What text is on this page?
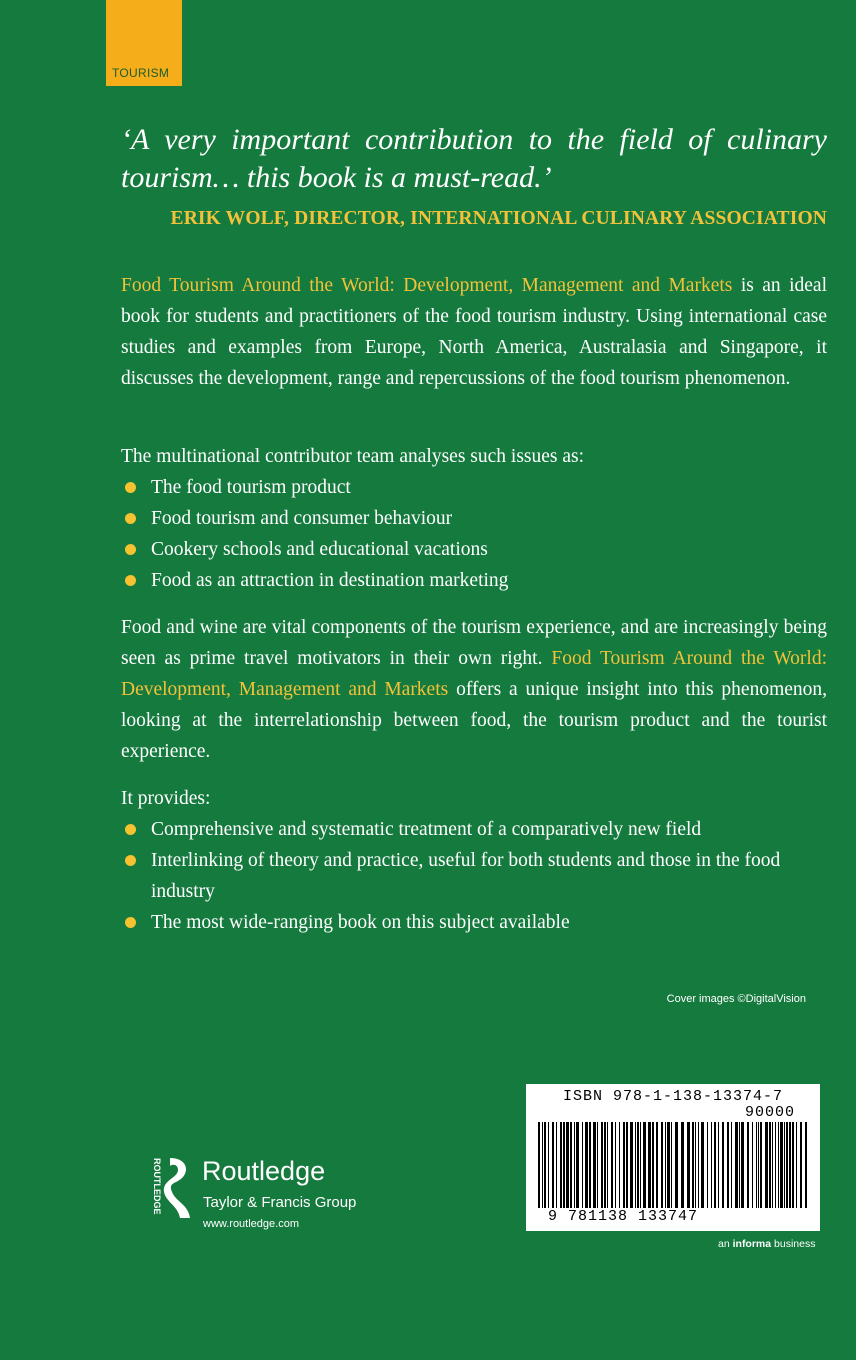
TOURISM

‘A very important contribution to the field of culinary tourism… this book is a must-read.’

ERIK WOLF, DIRECTOR, INTERNATIONAL CULINARY ASSOCIATION

Food Tourism Around the World: Development, Management and Markets is an ideal book for students and practitioners of the food tourism industry. Using international case studies and examples from Europe, North America, Australasia and Singapore, it discusses the development, range and repercussions of the food tourism phenomenon.

The multinational contributor team analyses such issues as:

The food tourism product
Food tourism and consumer behaviour
Cookery schools and educational vacations
Food as an attraction in destination marketing

Food and wine are vital components of the tourism experience, and are increasingly being seen as prime travel motivators in their own right. Food Tourism Around the World: Development, Management and Markets offers a unique insight into this phenomenon, looking at the interrelationship between food, the tourism product and the tourist experience.

It provides:

Comprehensive and systematic treatment of a comparatively new field
Interlinking of theory and practice, useful for both students and those in the food industry
The most wide-ranging book on this subject available
Cover images ©DigitalVision
ROUTLEDGE Routledge
Taylor & Francis Group
www.routledge.com
ISBN 978-1-138-13374-7
90000
9 781138 133747
an informa business
